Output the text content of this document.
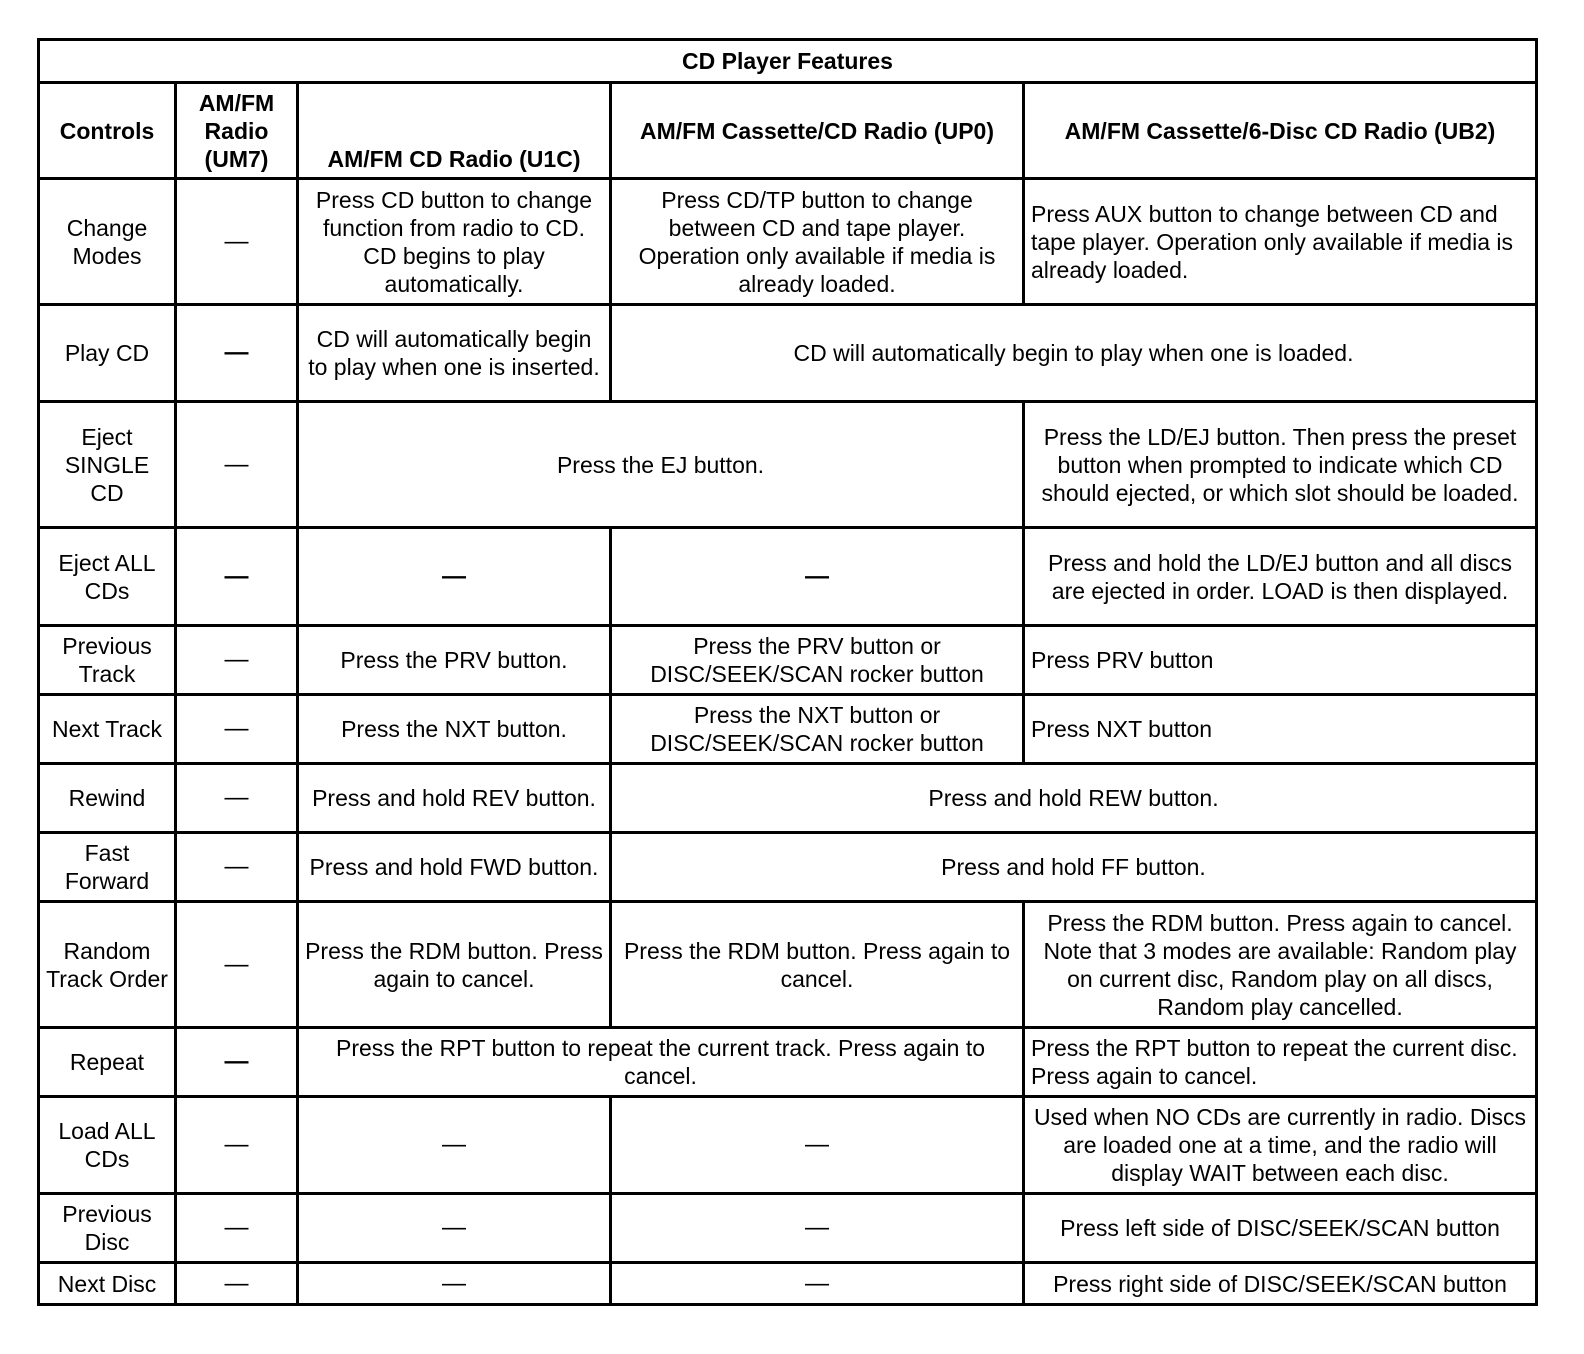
CD Player Features				
Controls	AM/FM Radio (UM7)	AM/FM CD Radio (U1C)	AM/FM Cassette/CD Radio (UP0)	AM/FM Cassette/6-Disc CD Radio (UB2)
Change Modes	—	Press CD button to change function from radio to CD. CD begins to play automatically.	Press CD/TP button to change between CD and tape player. Operation only available if media is already loaded.	Press AUX button to change between CD and tape player. Operation only available if media is already loaded.
Play CD	—	CD will automatically begin to play when one is inserted.	CD will automatically begin to play when one is loaded.	
Eject SINGLE CD	—	Press the EJ button.		Press the LD/EJ button. Then press the preset button when prompted to indicate which CD should ejected, or which slot should be loaded.
Eject ALL CDs	—	—	—	Press and hold the LD/EJ button and all discs are ejected in order. LOAD is then displayed.
Previous Track	—	Press the PRV button.	Press the PRV button or DISC/SEEK/SCAN rocker button	Press PRV button
Next Track	—	Press the NXT button.	Press the NXT button or DISC/SEEK/SCAN rocker button	Press NXT button
Rewind	—	Press and hold REV button.	Press and hold REW button.	
Fast Forward	—	Press and hold FWD button.	Press and hold FF button.	
Random Track Order	—	Press the RDM button. Press again to cancel.	Press the RDM button. Press again to cancel.	Press the RDM button. Press again to cancel. Note that 3 modes are available: Random play on current disc, Random play on all discs, Random play cancelled.
Repeat	—	Press the RPT button to repeat the current track. Press again to cancel.		Press the RPT button to repeat the current disc. Press again to cancel.
Load ALL CDs	—	—	—	Used when NO CDs are currently in radio. Discs are loaded one at a time, and the radio will display WAIT between each disc.
Previous Disc	—	—	—	Press left side of DISC/SEEK/SCAN button
Next Disc	—	—	—	Press right side of DISC/SEEK/SCAN button
